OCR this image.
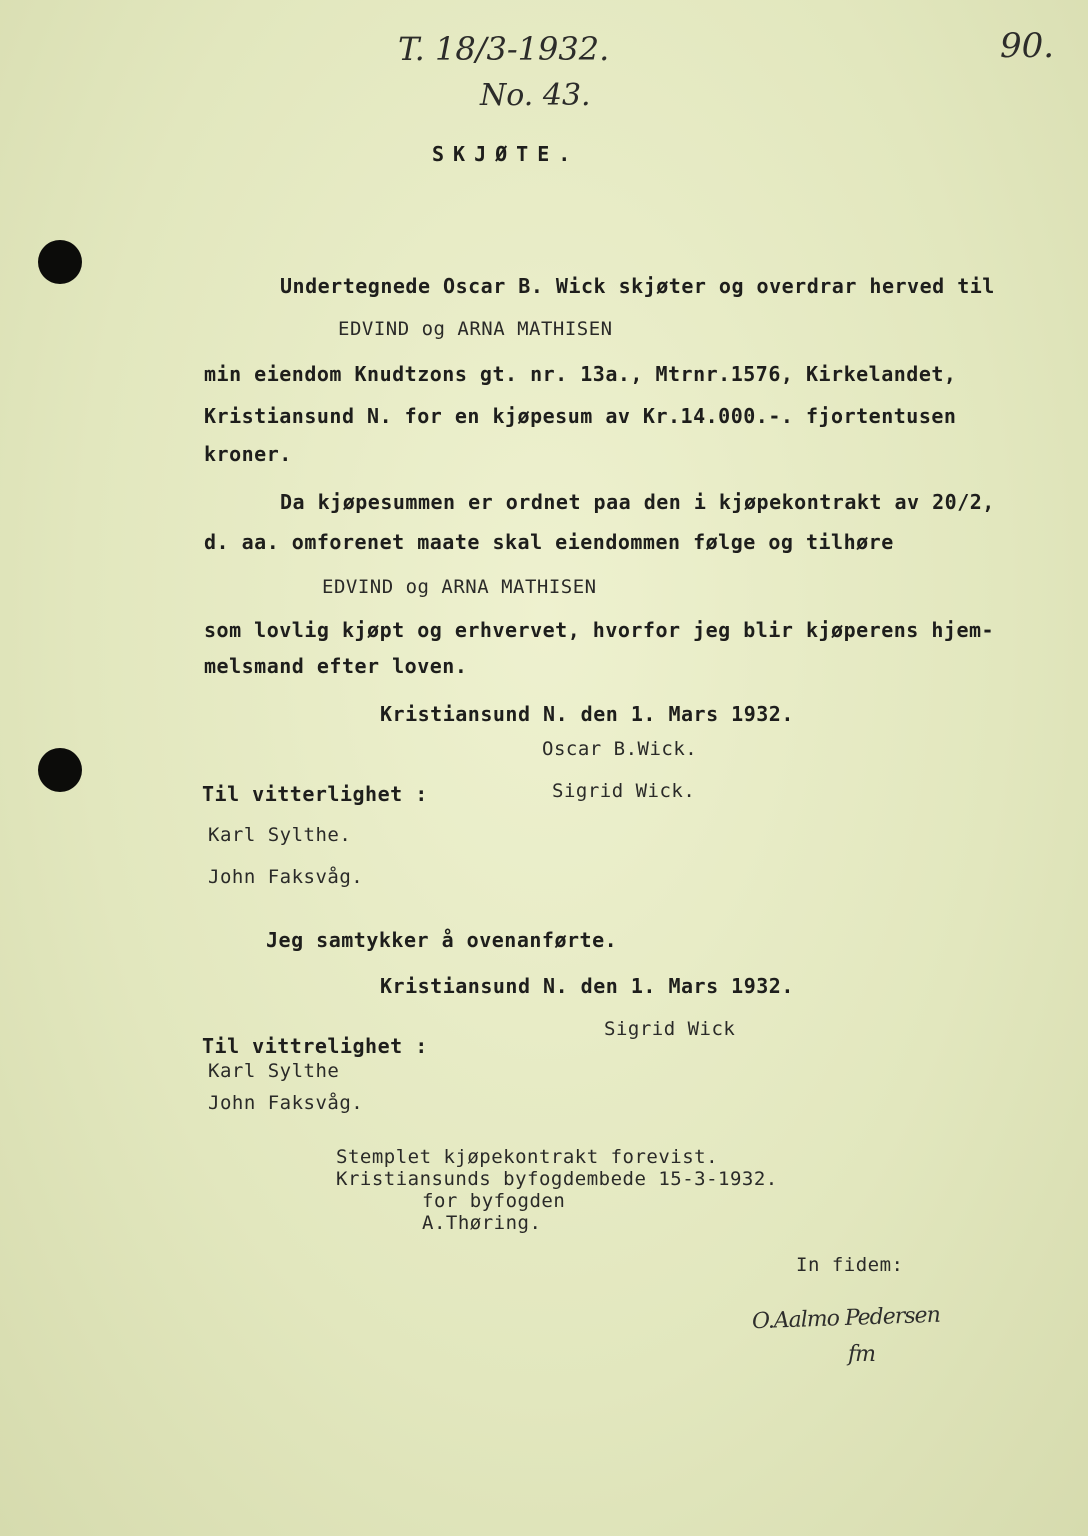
T. 18/3-1932.	90.
No. 43.
SKJØTE.
Undertegnede Oscar B. Wick skjøter og overdrar herved til
EDVIND og ARNA MATHISEN
min eiendom Knudtzons gt. nr. 13a., Mtrnr.1576, Kirkelandet,
Kristiansund N. for en kjøpesum av Kr.14.000.-. fjortentusen
kroner.
Da kjøpesummen er ordnet paa den i kjøpekontrakt av 20/2,
d. aa. omforenet maate skal eiendommen følge og tilhøre
EDVIND og ARNA MATHISEN
som lovlig kjøpt og erhvervet, hvorfor jeg blir kjøperens hjem-
melsmand efter loven.
Kristiansund N. den 1. Mars 1932.
Oscar B.Wick.
Til vitterlighet :	Sigrid Wick.
Karl Sylthe.
John Faksvåg.
Jeg samtykker å ovenanførte.
Kristiansund N. den 1. Mars 1932.
Sigrid Wick
Til vittrelighet :
Karl Sylthe
John Faksvåg.
Stemplet kjøpekontrakt forevist.
Kristiansunds byfogdembede 15-3-1932.
for byfogden
A.Thøring.
In fidem:
O.Aalmo Pedersen
fm
